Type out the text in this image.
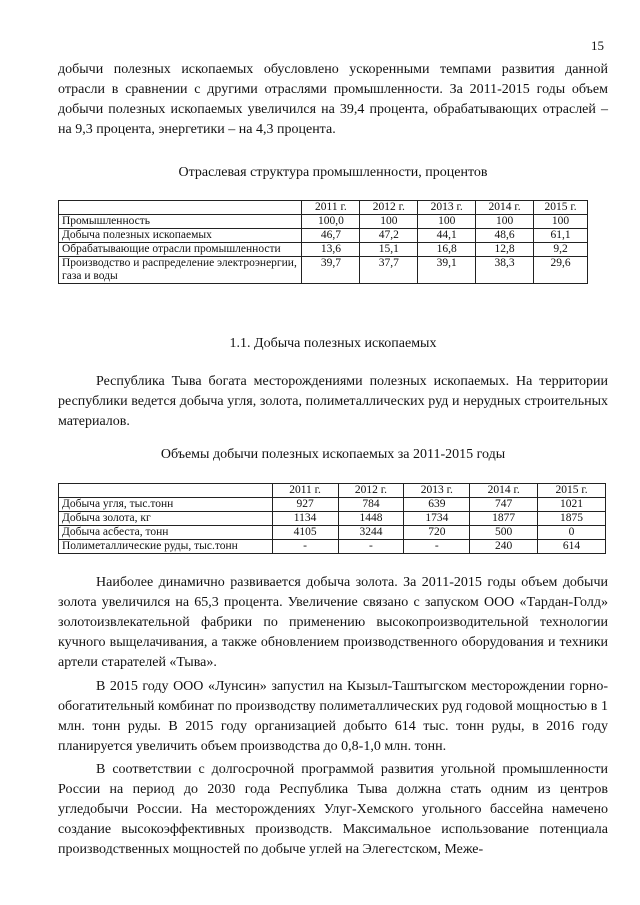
15
добычи полезных ископаемых обусловлено ускоренными темпами развития данной отрасли в сравнении с другими отраслями промышленности. За 2011-2015 годы объем добычи полезных ископаемых увеличился на 39,4 процента, обрабатывающих отраслей – на 9,3 процента, энергетики – на 4,3 процента.
Отраслевая структура промышленности, процентов
	2011 г.	2012 г.	2013 г.	2014 г.	2015 г.
Промышленность	100,0	100	100	100	100
Добыча полезных ископаемых	46,7	47,2	44,1	48,6	61,1
Обрабатывающие отрасли промышленности	13,6	15,1	16,8	12,8	9,2
Производство и распределение электроэнергии, газа и воды	39,7	37,7	39,1	38,3	29,6
1.1. Добыча полезных ископаемых
Республика Тыва богата месторождениями полезных ископаемых. На территории республики ведется добыча угля, золота, полиметаллических руд и нерудных строительных материалов.
Объемы добычи полезных ископаемых за 2011-2015 годы
	2011 г.	2012 г.	2013 г.	2014 г.	2015 г.
Добыча угля, тыс.тонн	927	784	639	747	1021
Добыча золота, кг	1134	1448	1734	1877	1875
Добыча асбеста, тонн	4105	3244	720	500	0
Полиметаллические руды, тыс.тонн	-	-	-	240	614
Наиболее динамично развивается добыча золота. За 2011-2015 годы объем добычи золота увеличился на 65,3 процента. Увеличение связано с запуском ООО «Тардан-Голд» золотоизвлекательной фабрики по применению высокопроизводительной технологии кучного выщелачивания, а также обновлением производственного оборудования и техники артели старателей «Тыва».
В 2015 году ООО «Лунсин» запустил на Кызыл-Таштыгском месторождении горно-обогатительный комбинат по производству полиметаллических руд годовой мощностью в 1 млн. тонн руды. В 2015 году организацией добыто 614 тыс. тонн руды, в 2016 году планируется увеличить объем производства до 0,8-1,0 млн. тонн.
В соответствии с долгосрочной программой развития угольной промышленности России на период до 2030 года Республика Тыва должна стать одним из центров угледобычи России. На месторождениях Улуг-Хемского угольного бассейна намечено создание высокоэффективных производств. Максимальное использование потенциала производственных мощностей по добыче углей на Элегестском, Меже-
